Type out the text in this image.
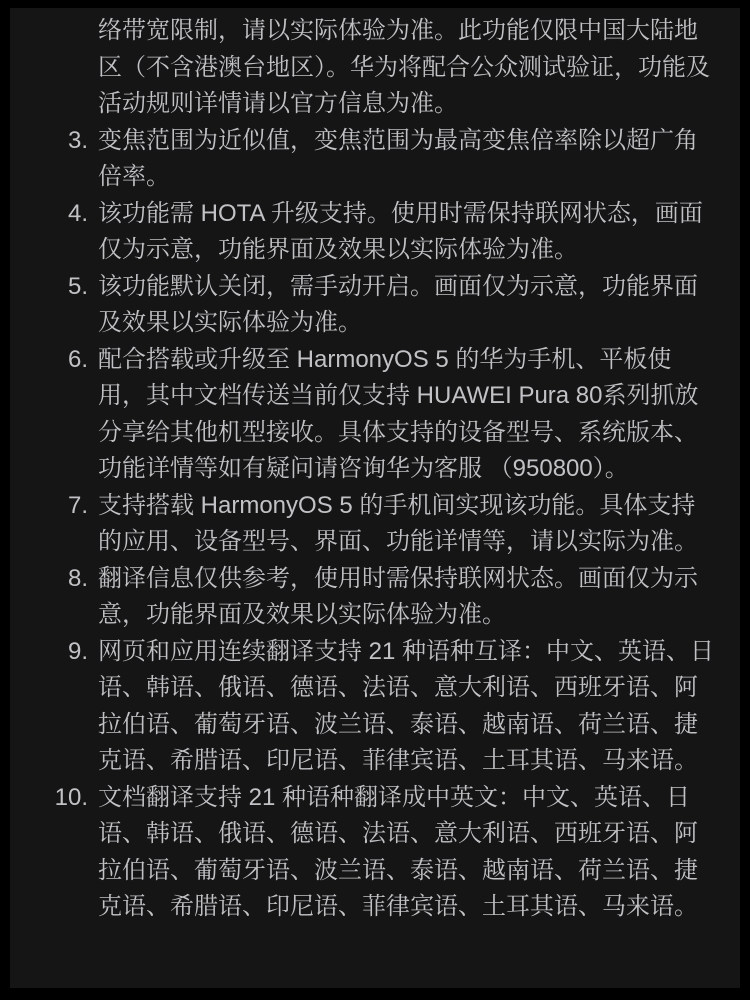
络带宽限制，请以实际体验为准。此功能仅限中国大陆地区（不含港澳台地区）。华为将配合公众测试验证，功能及活动规则详情请以官方信息为准。

3. 变焦范围为近似值，变焦范围为最高变焦倍率除以超广角倍率。
4. 该功能需 HOTA 升级支持。使用时需保持联网状态，画面仅为示意，功能界面及效果以实际体验为准。
5. 该功能默认关闭，需手动开启。画面仅为示意，功能界面及效果以实际体验为准。
6. 配合搭载或升级至 HarmonyOS 5 的华为手机、平板使用，其中文档传送当前仅支持 HUAWEI Pura 80系列抓放分享给其他机型接收。具体支持的设备型号、系统版本、功能详情等如有疑问请咨询华为客服 （950800）。
7. 支持搭载 HarmonyOS 5 的手机间实现该功能。具体支持的应用、设备型号、界面、功能详情等，请以实际为准。
8. 翻译信息仅供参考，使用时需保持联网状态。画面仅为示意，功能界面及效果以实际体验为准。
9. 网页和应用连续翻译支持 21 种语种互译：中文、英语、日语、韩语、俄语、德语、法语、意大利语、西班牙语、阿拉伯语、葡萄牙语、波兰语、泰语、越南语、荷兰语、捷克语、希腊语、印尼语、菲律宾语、土耳其语、马来语。
10. 文档翻译支持 21 种语种翻译成中英文：中文、英语、日语、韩语、俄语、德语、法语、意大利语、西班牙语、阿拉伯语、葡萄牙语、波兰语、泰语、越南语、荷兰语、捷克语、希腊语、印尼语、菲律宾语、土耳其语、马来语。
